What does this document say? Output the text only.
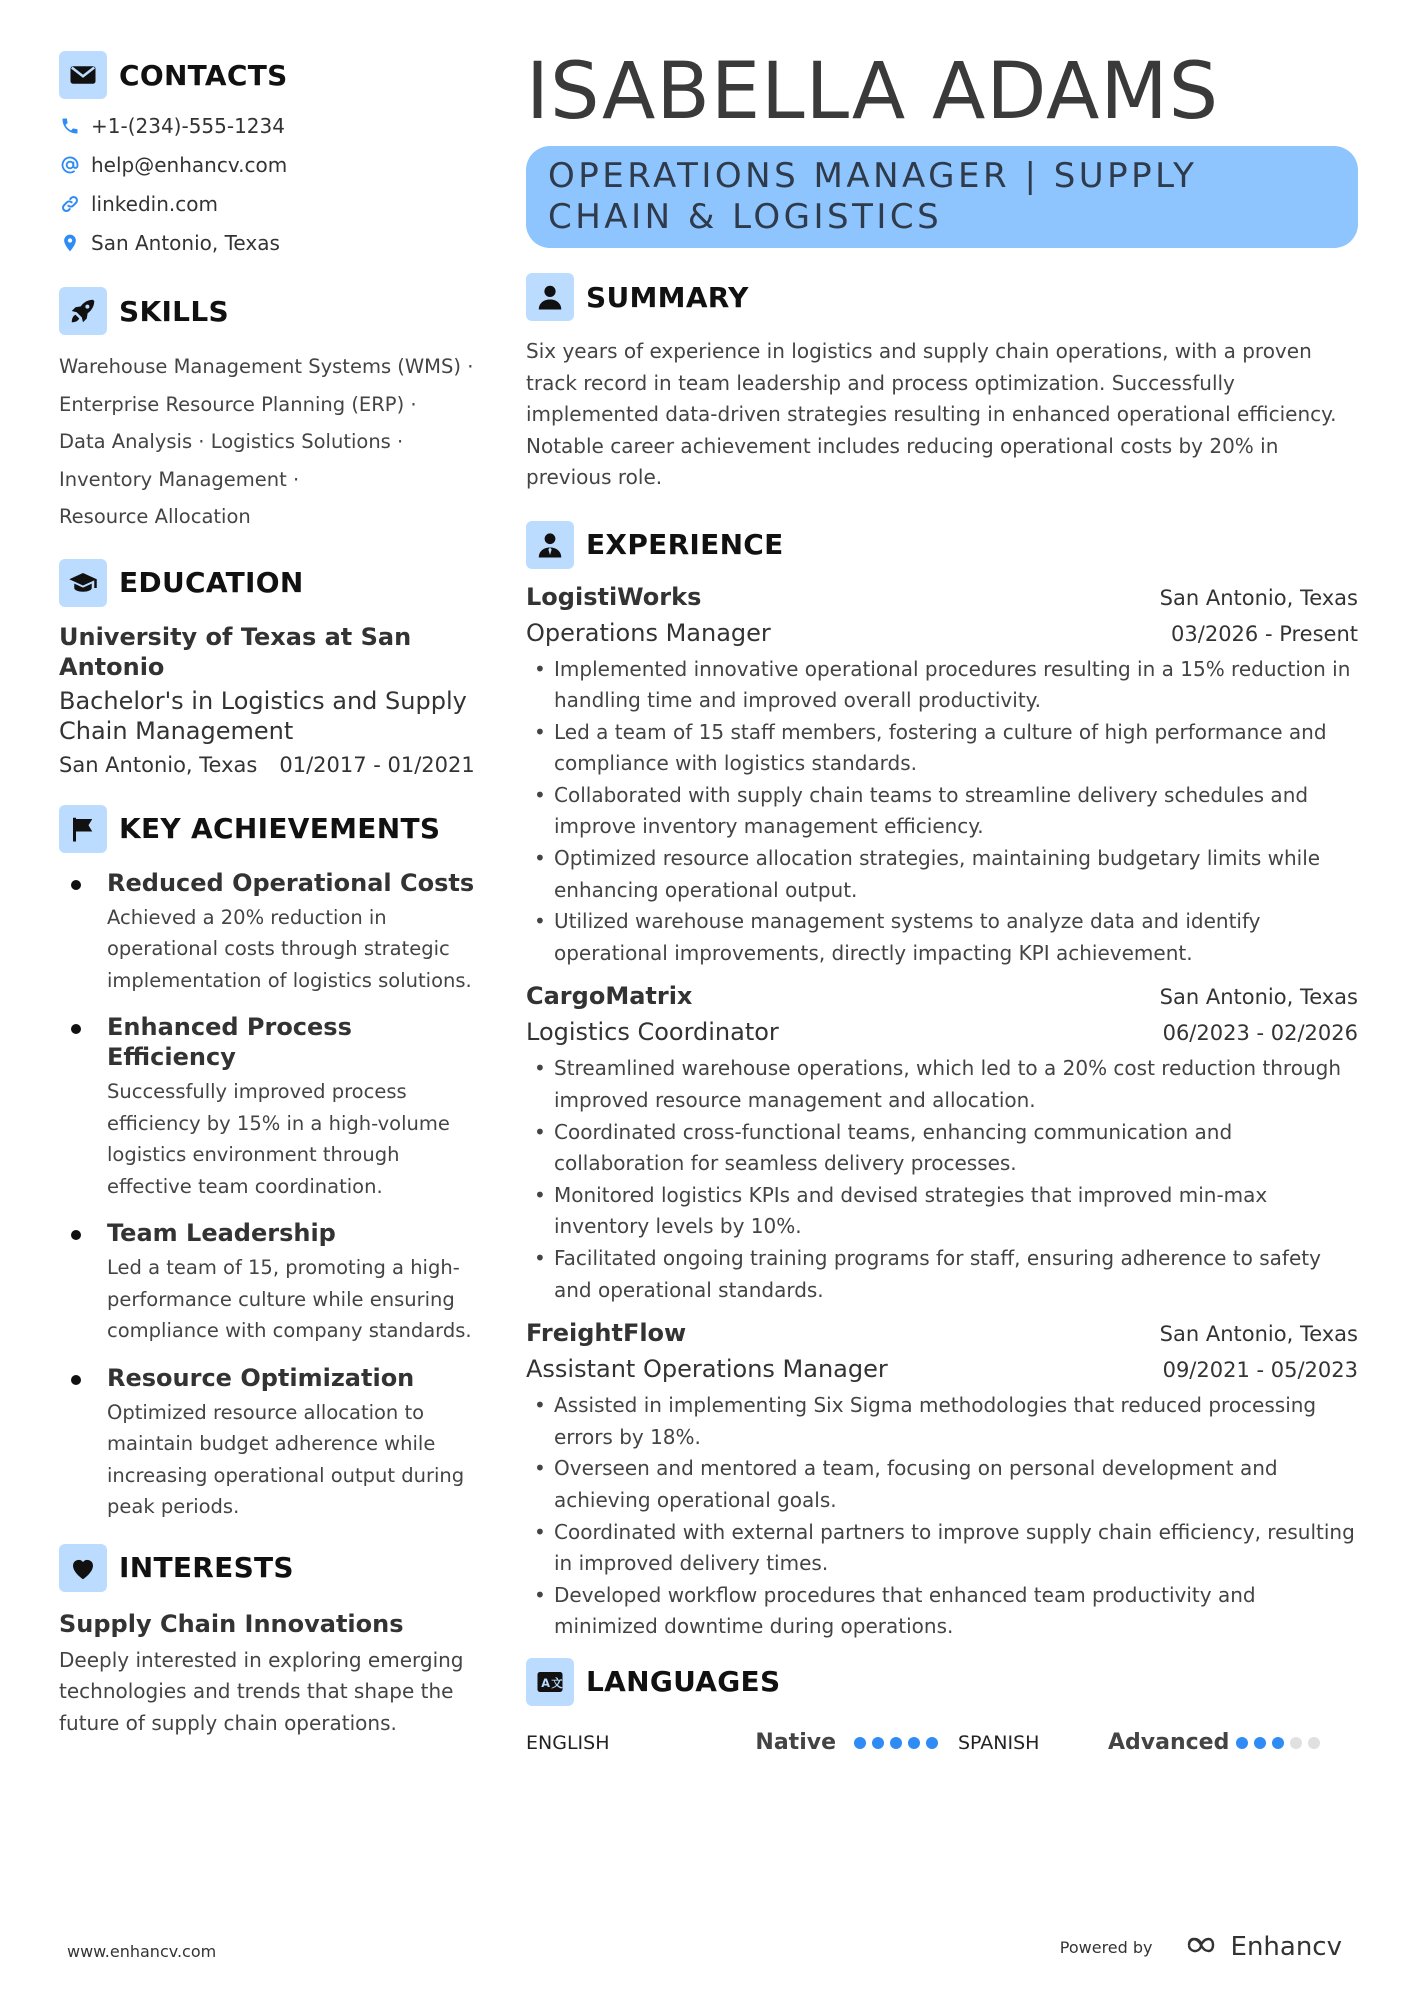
CONTACTS
+1-(234)-555-1234
help@enhancv.com
linkedin.com
San Antonio, Texas
SKILLS
Warehouse Management Systems (WMS) ·
Enterprise Resource Planning (ERP) ·
Data Analysis · Logistics Solutions ·
Inventory Management ·
Resource Allocation
EDUCATION
University of Texas at San Antonio
Bachelor's in Logistics and Supply Chain Management
San Antonio, Texas 01/2017 - 01/2021
KEY ACHIEVEMENTS
Reduced Operational Costs
Achieved a 20% reduction in operational costs through strategic implementation of logistics solutions.
Enhanced Process Efficiency
Successfully improved process efficiency by 15% in a high-volume logistics environment through effective team coordination.
Team Leadership
Led a team of 15, promoting a high-performance culture while ensuring compliance with company standards.
Resource Optimization
Optimized resource allocation to maintain budget adherence while increasing operational output during peak periods.
INTERESTS
Supply Chain Innovations
Deeply interested in exploring emerging technologies and trends that shape the future of supply chain operations.
ISABELLA ADAMS
OPERATIONS MANAGER | SUPPLY CHAIN & LOGISTICS
SUMMARY
Six years of experience in logistics and supply chain operations, with a proven track record in team leadership and process optimization. Successfully implemented data-driven strategies resulting in enhanced operational efficiency. Notable career achievement includes reducing operational costs by 20% in previous role.
EXPERIENCE
LogistiWorks	San Antonio, Texas
Operations Manager	03/2026 - Present
• Implemented innovative operational procedures resulting in a 15% reduction in handling time and improved overall productivity.
• Led a team of 15 staff members, fostering a culture of high performance and compliance with logistics standards.
• Collaborated with supply chain teams to streamline delivery schedules and improve inventory management efficiency.
• Optimized resource allocation strategies, maintaining budgetary limits while enhancing operational output.
• Utilized warehouse management systems to analyze data and identify operational improvements, directly impacting KPI achievement.
CargoMatrix	San Antonio, Texas
Logistics Coordinator	06/2023 - 02/2026
• Streamlined warehouse operations, which led to a 20% cost reduction through improved resource management and allocation.
• Coordinated cross-functional teams, enhancing communication and collaboration for seamless delivery processes.
• Monitored logistics KPIs and devised strategies that improved min-max inventory levels by 10%.
• Facilitated ongoing training programs for staff, ensuring adherence to safety and operational standards.
FreightFlow	San Antonio, Texas
Assistant Operations Manager	09/2021 - 05/2023
• Assisted in implementing Six Sigma methodologies that reduced processing errors by 18%.
• Overseen and mentored a team, focusing on personal development and achieving operational goals.
• Coordinated with external partners to improve supply chain efficiency, resulting in improved delivery times.
• Developed workflow procedures that enhanced team productivity and minimized downtime during operations.
A 文 LANGUAGES
ENGLISH	Native	SPANISH	Advanced
www.enhancv.com	Powered by	Enhancv
